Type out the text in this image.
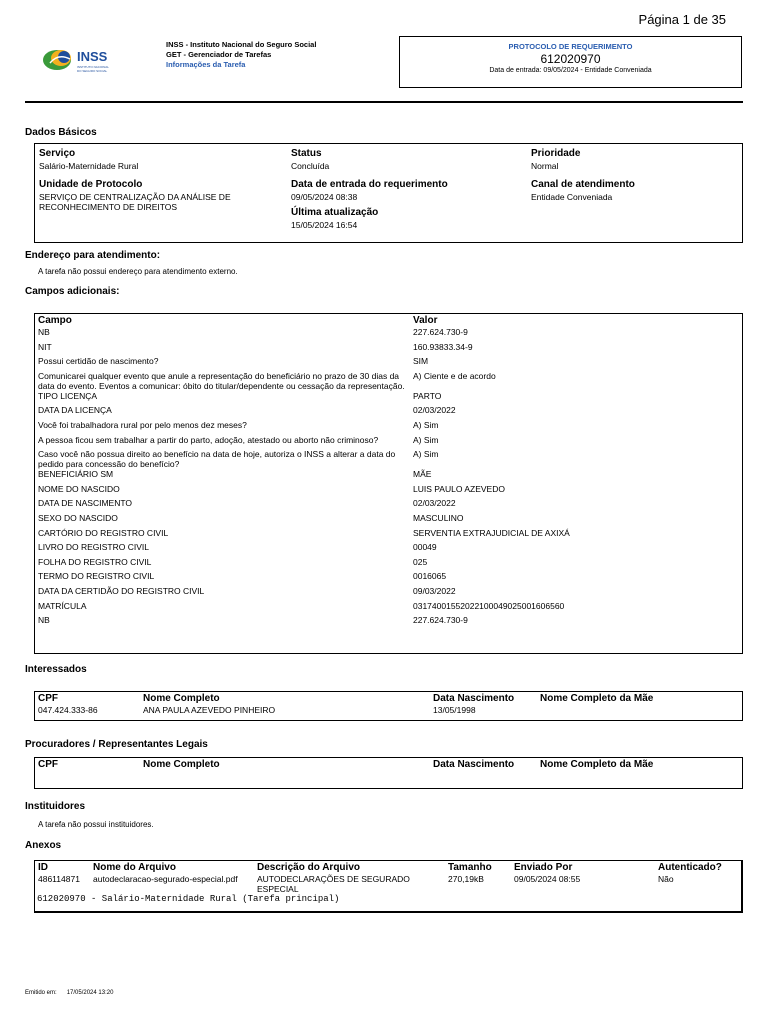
Página 1 de 35
INSS
INSTITUTO NACIONAL
DO SEGURO SOCIAL
INSS - Instituto Nacional do Seguro Social
GET - Gerenciador de Tarefas
Informações da Tarefa
PROTOCOLO DE REQUERIMENTO
612020970
Data de entrada: 09/05/2024 - Entidade Conveniada
Dados Básicos
Serviço
Salário-Maternidade Rural
Status
Concluída
Prioridade
Normal
Unidade de Protocolo
SERVIÇO DE CENTRALIZAÇÃO DA ANÁLISE DE RECONHECIMENTO DE DIREITOS
Data de entrada do requerimento
09/05/2024 08:38
Canal de atendimento
Entidade Conveniada
Última atualização
15/05/2024 16:54
Endereço para atendimento:
A tarefa não possui endereço para atendimento externo.
Campos adicionais:
Campo	Valor
NB	227.624.730-9
NIT	160.93833.34-9
Possui certidão de nascimento?	SIM
Comunicarei qualquer evento que anule a representação do beneficiário no prazo de 30 dias da data do evento. Eventos a comunicar: óbito do titular/dependente ou cessação da representação.	A) Ciente e de acordo
TIPO LICENÇA	PARTO
DATA DA LICENÇA	02/03/2022
Você foi trabalhadora rural por pelo menos dez meses?	A) Sim
A pessoa ficou sem trabalhar a partir do parto, adoção, atestado ou aborto não criminoso?	A) Sim
Caso você não possua direito ao benefício na data de hoje, autoriza o INSS a alterar a data do pedido para concessão do benefício?	A) Sim
BENEFICIÁRIO SM	MÃE
NOME DO NASCIDO	LUIS PAULO AZEVEDO
DATA DE NASCIMENTO	02/03/2022
SEXO DO NASCIDO	MASCULINO
CARTÓRIO DO REGISTRO CIVIL	SERVENTIA EXTRAJUDICIAL DE AXIXÁ
LIVRO DO REGISTRO CIVIL	00049
FOLHA DO REGISTRO CIVIL	025
TERMO DO REGISTRO CIVIL	0016065
DATA DA CERTIDÃO DO REGISTRO CIVIL	09/03/2022
MATRÍCULA	03174001552022100049025001606560
NB	227.624.730-9
Interessados
CPF	Nome Completo	Data Nascimento	Nome Completo da Mãe
047.424.333-86	ANA PAULA AZEVEDO PINHEIRO	13/05/1998	
Procuradores / Representantes Legais
CPF	Nome Completo	Data Nascimento	Nome Completo da Mãe
Instituidores
A tarefa não possui instituidores.
Anexos
ID	Nome do Arquivo	Descrição do Arquivo	Tamanho	Enviado Por	Autenticado?
486114871	autodeclaracao-segurado-especial.pdf	AUTODECLARAÇÕES DE SEGURADO ESPECIAL	270,19kB	09/05/2024 08:55	Não
612020970 - Salário-Maternidade Rural (Tarefa principal)
Emitido em: 17/05/2024 13:20
